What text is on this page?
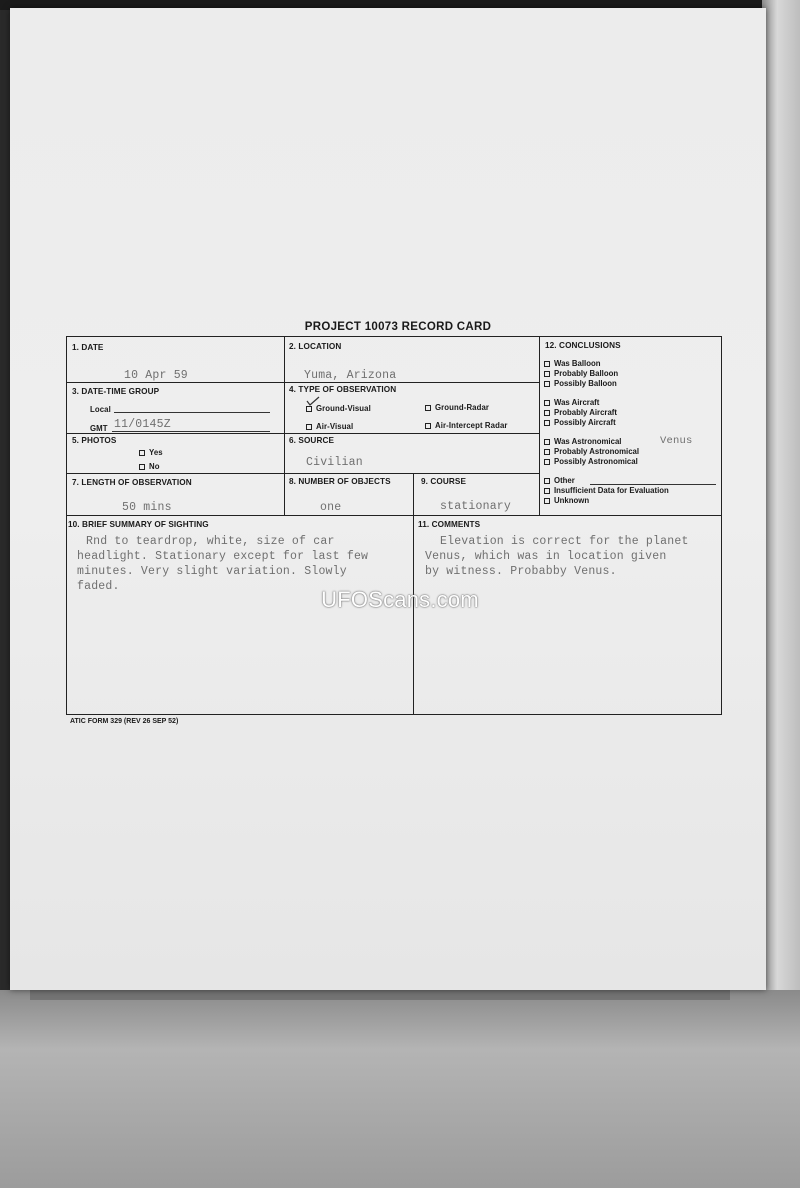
PROJECT 10073 RECORD CARD
1. DATE
10 Apr 59
2. LOCATION
Yuma, Arizona
3. DATE-TIME GROUP
Local
GMT 11/0145Z
4. TYPE OF OBSERVATION
Ground-Visual	Ground-Radar
Air-Visual	Air-Intercept Radar
5. PHOTOS
Yes
No
6. SOURCE
Civilian
7. LENGTH OF OBSERVATION
50 mins
8. NUMBER OF OBJECTS
one
9. COURSE
stationary
10. BRIEF SUMMARY OF SIGHTING
Rnd to teardrop, white, size of car
headlight. Stationary except for last few
minutes. Very slight variation. Slowly
faded.
11. COMMENTS
Elevation is correct for the planet
Venus, which was in location given
by witness. Probabby Venus.
12. CONCLUSIONS
Was Balloon
Probably Balloon
Possibly Balloon
Was Aircraft
Probably Aircraft
Possibly Aircraft
Was Astronomical	Venus
Probably Astronomical
Possibly Astronomical
Other
Insufficient Data for Evaluation
Unknown
ATIC FORM 329 (REV 26 SEP 52)
UFOScans.com
